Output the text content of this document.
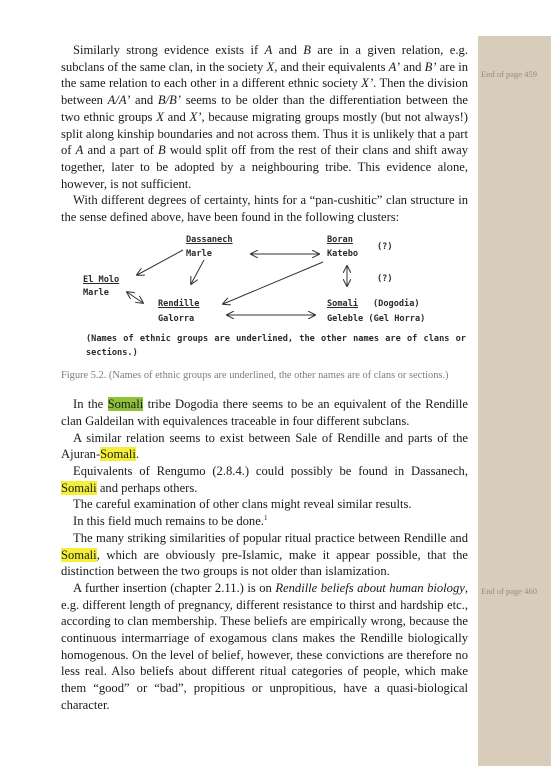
End of page 459
End of page 460

Similarly strong evidence exists if A and B are in a given relation, e.g. subclans of the same clan, in the society X, and their equivalents A’ and B’ are in the same relation to each other in a different ethnic society X’. Then the division between A/A’ and B/B’ seems to be older than the differentiation between the two ethnic groups X and X’, because migrating groups mostly (but not always!) split along kinship boundaries and not across them. Thus it is unlikely that a part of A and a part of B would split off from the rest of their clans and shift away together, later to be adopted by a neighbouring tribe. This evidence alone, however, is not sufficient.

With different degrees of certainty, hints for a “pan-cushitic” clan structure in the sense defined above, have been found in the following clusters:

Dassanech
Marle
Boran
Katebo
(?)
(?)
El Molo
Marle
Rendille
Galorra
Somali (Dogodia)
Geleble (Gel Horra)
(Names of ethnic groups are underlined, the other names are of clans or sections.)
Figure 5.2. (Names of ethnic groups are underlined, the other names are of clans or sections.)

In the Somali tribe Dogodia there seems to be an equivalent of the Rendille clan Galdeilan with equivalences traceable in four different subclans.

A similar relation seems to exist between Sale of Rendille and parts of the Ajuran-Somali.

Equivalents of Rengumo (2.8.4.) could possibly be found in Dassanech, Somali and perhaps others.

The careful examination of other clans might reveal similar results.

In this field much remains to be done.$^1$

The many striking similarities of popular ritual practice between Rendille and Somali, which are obviously pre-Islamic, make it appear possible, that the distinction between the two groups is not older than islamization.

A further insertion (chapter 2.11.) is on Rendille beliefs about human biology, e.g. different length of pregnancy, different resistance to thirst and hardship etc., according to clan membership. These beliefs are empirically wrong, because the continuous intermarriage of exogamous clans makes the Rendille biologically homogenous. On the level of belief, however, these convictions are therefore no less real. Also beliefs about different ritual categories of people, which make them “good” or “bad”, propitious or unpropitious, have a quasi-biological character.
